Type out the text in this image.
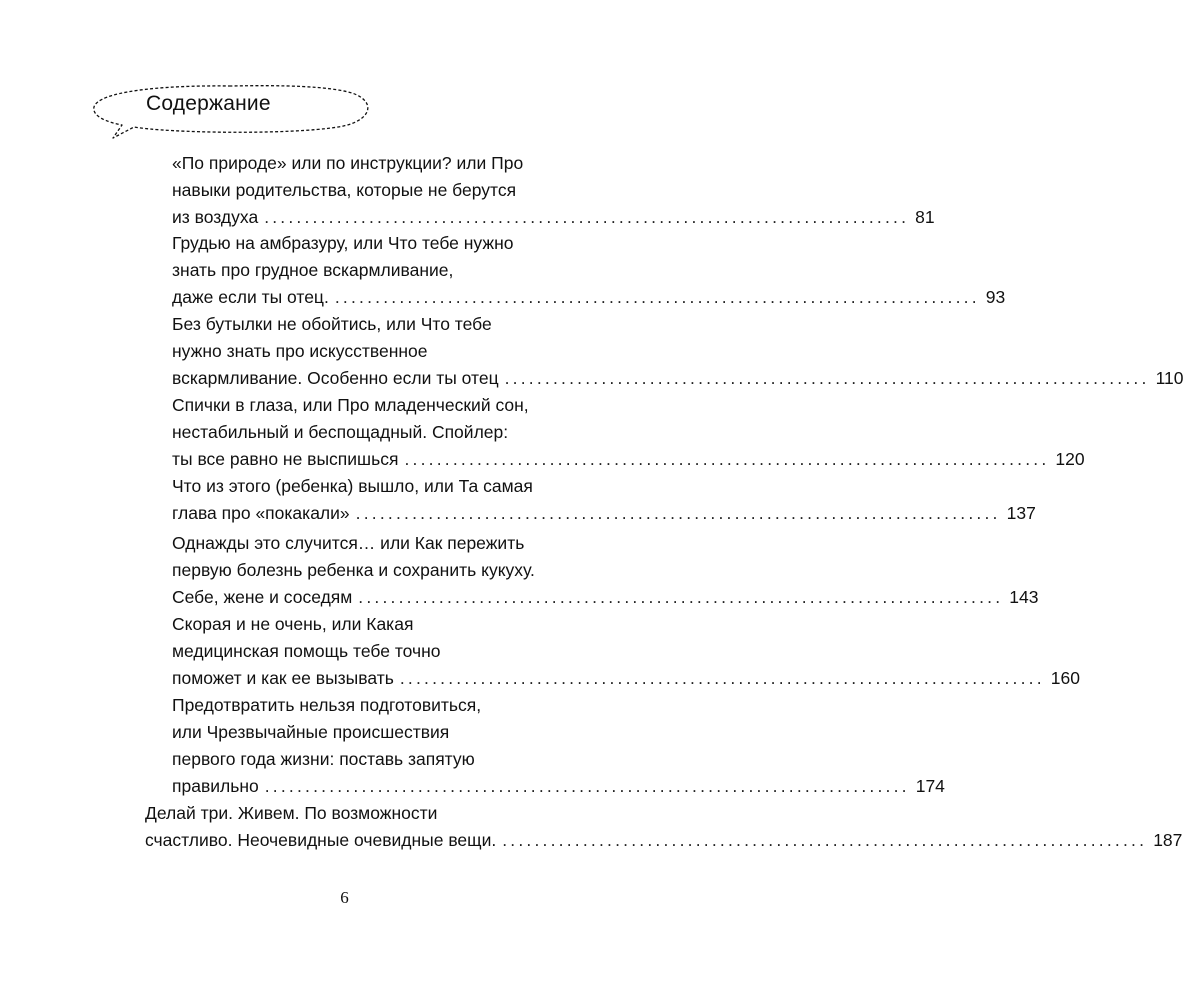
Содержание
«По природе» или по инструкции? или Про
навыки родительства, которые не берутся
из воздуха ................................................................................ 81
Грудью на амбразуру, или Что тебе нужно
знать про грудное вскармливание,
даже если ты отец. ................................................................................ 93
Без бутылки не обойтись, или Что тебе
нужно знать про искусственное
вскармливание. Особенно если ты отец ................................................................................ 110
Спички в глаза, или Про младенческий сон,
нестабильный и беспощадный. Спойлер:
ты все равно не выспишься ................................................................................ 120
Что из этого (ребенка) вышло, или Та самая
глава про «покакали» ................................................................................ 137
Однажды это случится… или Как пережить
первую болезнь ребенка и сохранить кукуху.
Себе, жене и соседям ................................................................................ 143
Скорая и не очень, или Какая
медицинская помощь тебе точно
поможет и как ее вызывать ................................................................................ 160
Предотвратить нельзя подготовиться,
или Чрезвычайные происшествия
первого года жизни: поставь запятую
правильно ................................................................................ 174
Делай три. Живем. По возможности
счастливо. Неочевидные очевидные вещи. ................................................................................ 187
6
